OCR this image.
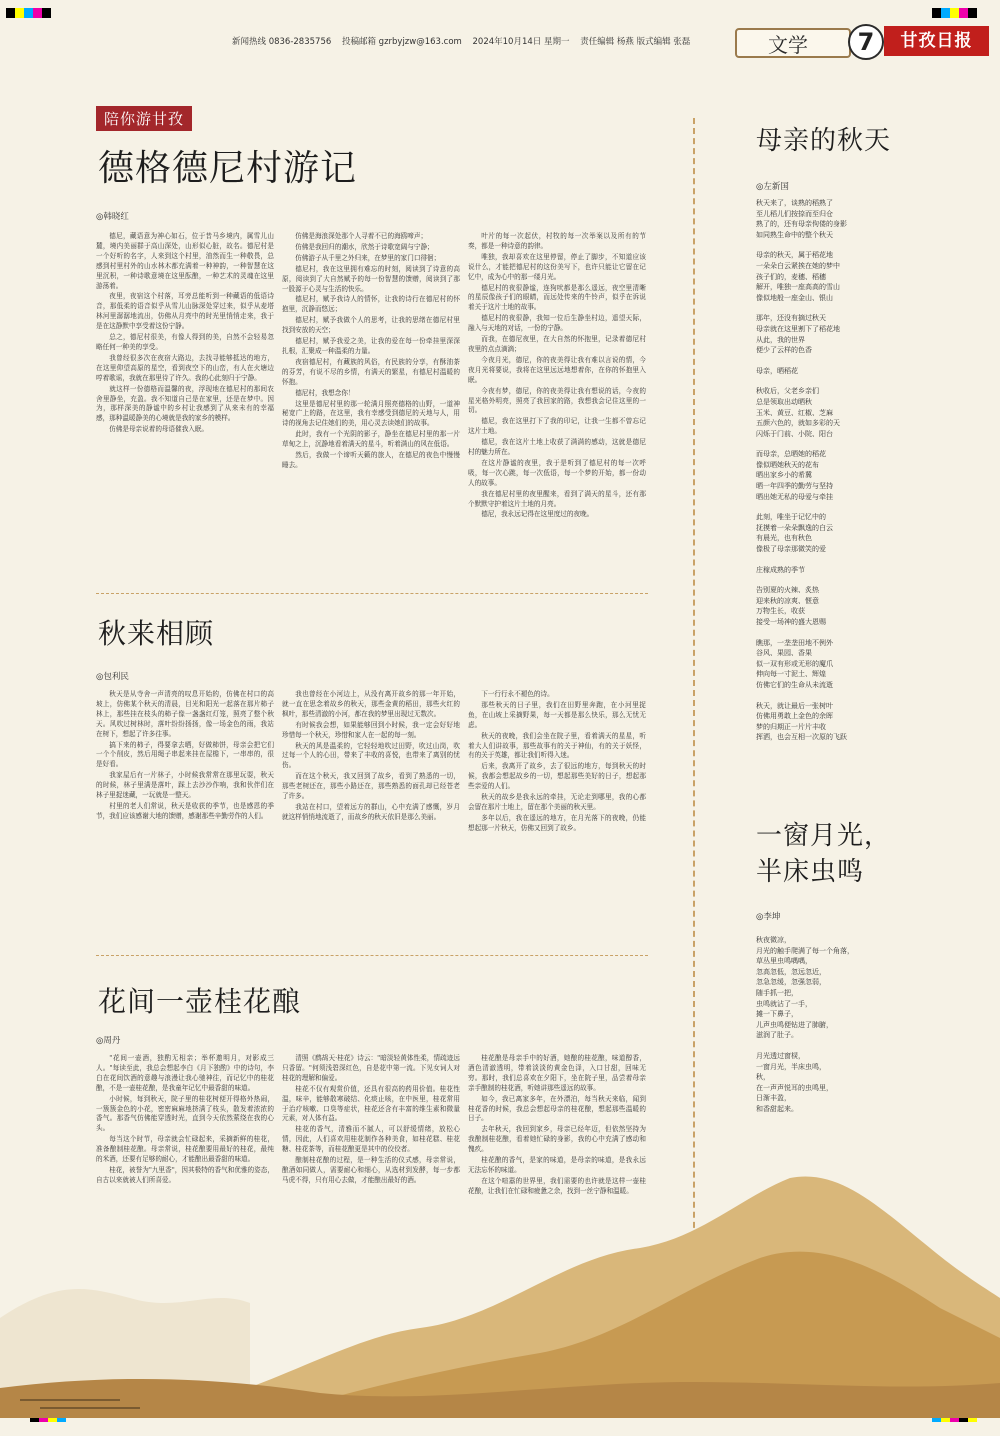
新闻热线 0836-2835756 投稿邮箱 gzrbyjzw@163.com 2024年10月14日 星期一 责任编辑 杨燕 版式编辑 张磊	文学	7	甘孜日报
陪你游甘孜
德格德尼村游记
◎韩晓红

德尼，藏语意为神心如石，位于昔马乡境内，属雪儿山麓，境内美丽群于高山深处，山形似心脏，故名。德尼村是一个好听的名字，人来到这个村里，油然而生一种敬畏，总感到村里村外的山水林木都充满着一种神韵，一种智慧在这里沉积，一种诗歌意境在这里酝酿，一种艺术的灵魂在这里游荡着。

夜里，夜宿这个村落，耳旁总能听到一种藏语的低语诗音，那低柔的语音似乎从雪儿山脉深处穿过来，似乎从麦塔林河里潺潺地流出，仿佛从月亮中的时光里悄悄走来，我于是在这静默中享受着这份宁静。

总之，德尼村很美，有像人得到的美，自然不会轻易忽略任何一种美的享受。

我曾经很多次在夜宿大路边，去找寻能够抵达的地方，在这里仰望高原的星空，看到夜空下的山峦，有人在火塘边哼着歌谣，我就在那里待了许久。我的心此刻归于宁静。

就这样一份德格而温馨的夜，浮现地在德尼村的那间农舍里静坐，充盈。我不知道自己是在家里，还是在梦中。因为，那样深美的静谧中的乡村让我感到了从来未有的幸福感，那种温暖静美的心境就是我的家乡的模样。

仿佛是母亲说着的母语催我入眠。

仿佛是海浪深处那个人寻着不已的海鸥啼声；

仿佛是我回归的潮水，欣然于诗歌宽阔与宁静；

仿佛游子从千里之外归来，在梦里的家门口徘徊；

德尼村，我在这里拥有难忘的时刻，阅读到了诗意的高原，阅读到了大自然赋予的每一份智慧的馈赠，阅读到了那一股源于心灵与生活的快乐。

德尼村，赋予我诗人的情怀，让我的诗行在德尼村的怀抱里，沉静而悠远；

德尼村，赋予我做个人的思考，让我的思绪在德尼村里找到安放的天空；

德尼村，赋予我爱之美，让我的爱在每一份牵挂里深深扎根，汇聚成一种温柔的力量。

夜宿德尼村，有藏族的风俗，有民族的分享，有酥油茶的芬芳，有说不尽的乡情，有满天的繁星，有德尼村温暖的怀抱。

德尼村，我想念你！

这里是德尼村里的那一轮满月照亮德格的山野，一道神秘宽广上的路，在这里，我有幸感受到德尼的天地与人，用诗的视角去记住她们的美，用心灵去读她们的故事。

此时，我有一个光阴的影子，静坐在德尼村里的那一片草甸之上，沉静地看着满天的星斗，听着满山的风在低语。

然后，我做一个谛听天籁的旅人，在德尼的夜色中慢慢睡去。

叶片的每一次起伏，村牧的每一次举案以及所有的节奏，都是一种诗意的韵律。

唯独，我却喜欢在这里停留，停止了脚步，不知道应该说什么，才能把德尼村的这份美写下，也许只能让它留在记忆中，成为心中的那一缕月光。

德尼村的夜很静谧，连狗吠都是那么遥远，夜空里清晰的星辰像孩子们的眼睛，而远处传来的牛铃声，似乎在诉说着关于这片土地的故事。

德尼村的夜很静，我知一位后生静坐村边，遥望天际，融入与天地的对话，一份的宁静。

而我，在德尼夜里，在大自然的怀抱里，记录着德尼村夜里的点点滴滴；

今夜月光，德尼，你的夜美得让我有难以言说的情，今夜月光将要说，我将在这里远远地想着你，在你的怀抱里入眠。

今夜有梦，德尼，你的夜美得让我有想说的话，今夜的星光格外明亮，照亮了我回家的路，我想我会记住这里的一切。

德尼，我在这里打下了我的印记，让我一生都不曾忘记这片土地。

德尼，我在这片土地上收获了满满的感动，这就是德尼村的魅力所在。

在这片静谧的夜里，我于是听到了德尼村的每一次呼吸，每一次心跳，每一次低语，每一个梦的开始，都一份动人的故事。

我在德尼村里的夜里醒来，看到了满天的星斗，还有那个默默守护着这片土地的月亮。

德尼，我永远记得在这里度过的夜晚。

秋来相顾
◎包利民

秋天是从寺舍一声清亮的叹息开始的，仿佛在村口的高坡上，仿佛某个秋天的清晨，目光和阳光一起落在那片柿子林上，那些挂在枝头的柿子像一盏盏红灯笼，照亮了整个秋天。风吹过树林时，落叶纷纷扬扬，像一场金色的雨，我站在树下，想起了许多往事。

搞下来的柿子，得要拿去晒，好做柿饼，母亲会把它们一个个削皮，然后用绳子串起来挂在屋檐下，一串串的，很是好看。

我家屋后有一片林子，小时候我常常在那里玩耍，秋天的时候，林子里满是落叶，踩上去沙沙作响，我和伙伴们在林子里捉迷藏，一玩就是一整天。

村里的老人们常说，秋天是收获的季节，也是感恩的季节，我们应该感谢大地的馈赠，感谢那些辛勤劳作的人们。

我也曾经在小河边上，从没有离开故乡的那一年开始，就一直在思念着故乡的秋天，那些金黄的稻田，那些火红的枫叶，那些清澈的小河，都在我的梦里出现过无数次。

有时候我会想，如果能够回到小时候，我一定会好好地珍惜每一个秋天，珍惜和家人在一起的每一刻。

秋天的风是温柔的，它轻轻地吹过田野，吹过山岗，吹过每一个人的心田，带来了丰收的喜悦，也带来了离别的忧伤。

而在这个秋天，我又回到了故乡，看到了熟悉的一切，那些老树还在，那些小路还在，那些熟悉的面孔却已经苍老了许多。

我站在村口，望着远方的群山，心中充满了感慨，岁月就这样悄悄地流逝了，而故乡的秋天依旧是那么美丽。

下一行行永不褪色的诗。

那些秋天的日子里，我们在田野里奔跑，在小河里捉鱼，在山坡上采摘野果，每一天都是那么快乐，那么无忧无虑。

秋天的夜晚，我们会坐在院子里，看着满天的星星，听着大人们讲故事，那些故事有的关于神仙，有的关于妖怪，有的关于英雄，都让我们听得入迷。

后来，我离开了故乡，去了很远的地方，每到秋天的时候，我都会想起故乡的一切，想起那些美好的日子，想起那些亲爱的人们。

秋天的故乡是我永远的牵挂，无论走到哪里，我的心都会留在那片土地上，留在那个美丽的秋天里。

多年以后，我在遥远的地方，在月光落下的夜晚，仍能想起那一片秋天，仿佛又回到了故乡。

花间一壶桂花酿
◎周丹

"花间一壶酒，独酌无相亲；举杯邀明月，对影成三人。"每读至此，我总会想起李白《月下独酌》中的诗句，李白在花间饮酒的意趣与浪漫让我心驰神往，而记忆中的桂花酿，不是一壶桂花酿，是我童年记忆中最香甜的味道。

小时候，每到秋天，院子里的桂花树便开得格外热闹，一簇簇金色的小花，密密麻麻地挤满了枝头，散发着浓浓的香气。那香气仿佛能穿透时光，直到今天依然萦绕在我的心头。

每当这个时节，母亲就会忙碌起来，采摘新鲜的桂花，准备酿制桂花酿。母亲常说，桂花酿要用最好的桂花，最纯的米酒，还要有足够的耐心，才能酿出最香甜的味道。

桂花，被誉为"九里香"，因其极特的香气和优雅的姿态，自古以来就被人们所喜爱。

清照《鹧鸪天·桂花》诗云："暗淡轻黄体性柔，情疏迹远只香留。"何须浅碧深红色，自是花中第一流。下见女词人对桂花的理解和偏爱。

桂花不仅有观赏价值，还具有很高的药用价值。桂花性温，味辛，能够散寒破结、化痰止咳，在中医里，桂花常用于治疗咳嗽、口臭等症状，桂花还含有丰富的维生素和微量元素，对人体有益。

桂花的香气，清雅而不腻人，可以舒缓情绪，放松心情，因此，人们喜欢用桂花制作各种美食，如桂花糕、桂花糖、桂花茶等，而桂花酿更是其中的佼佼者。

酿制桂花酿的过程，是一种生活的仪式感，母亲常说，酿酒如同做人，需要耐心和细心，从选材到发酵，每一步都马虎不得，只有用心去做，才能酿出最好的酒。

桂花酿是母亲手中的好酒，她酿的桂花酿，味道醇香，酒色清澈透明，带着淡淡的黄金色泽，入口甘甜，回味无穷。那时，我们总喜欢在夕阳下，坐在院子里，品尝着母亲亲手酿制的桂花酒，听她讲那些遥远的故事。

如今，我已离家多年，在外漂泊，每当秋天来临，闻到桂花香的时候，我总会想起母亲的桂花酿，想起那些温暖的日子。

去年秋天，我回到家乡，母亲已经年迈，但依然坚持为我酿制桂花酿，看着她忙碌的身影，我的心中充满了感动和愧疚。

桂花酿的香气，是家的味道，是母亲的味道，是我永远无法忘怀的味道。

在这个喧嚣的世界里，我们需要的也许就是这样一壶桂花酿，让我们在忙碌和疲惫之余，找到一丝宁静和温暖。

母亲的秋天
◎左新国
秋天来了，谈熟的稻熟了
至儿稻儿们按捺而至归仓
熟了的，还有母亲佝偻的身影
如同熟生命中的整个秋天
母亲的秋天，属于稻花地
一朵朵白云紧挨在她的梦中
孩子们的，麦穗、稻穗
解开，唯独一座高高的雪山
像似地般一座金山、银山
那年，还没有摘过秋天
母亲就在这里割下了稻花地
从此，我的世界
便少了云样的色香
母亲，晒稻花
秋收后，父老乡亲们
总是领取出动晒秋
玉米、黄豆、红椒、芝麻
五颜六色的，就如多彩的天
闪烁于门前、小院、阳台
而母亲，总晒她的稻花
像似晒她秋天的花布
晒出家乡小的希冀
晒一年四季的勤劳与坚持
晒出她无私的母爱与牵挂
此刻，唯坐于记忆中的
抚摸着一朵朵飘逸的白云
有晨光，也有秋色
像极了母亲那微笑的爱
庄稼成熟的季节
告别夏的火辣、炙热
迎来秋的凉爽、惬意
万物生长，收获
接受一场神的盛大恩赐
瞧那，一垄垄田地不例外
谷风、果园、香果
似一双有形或无形的魔爪
伸向每一寸泥土、辉煌
仿佛它们的生命从未流逝
秋天，就让最后一张树叶
仿佛用勇敢上金色的余晖
梦的归期正一片片丰收
挥洒，也会互相一次原的飞跃
一窗月光，
半床虫鸣
◎李坤
秋夜微凉，
月光的触手爬满了每一个角落，
草丛里虫鸣喁喁，
忽高忽低，忽远忽近，
忽急忽缓，忽强忽弱，
随手抓一把，
虫鸣就沾了一手，
摊一下鼻子，
儿声虫鸣便钻进了肺腑，
滋润了肚子。
月光透过窗棂，
一窗月光，半床虫鸣，
秋，
在一声声悦耳的虫鸣里，
日渐丰盈，
和香甜起来。
